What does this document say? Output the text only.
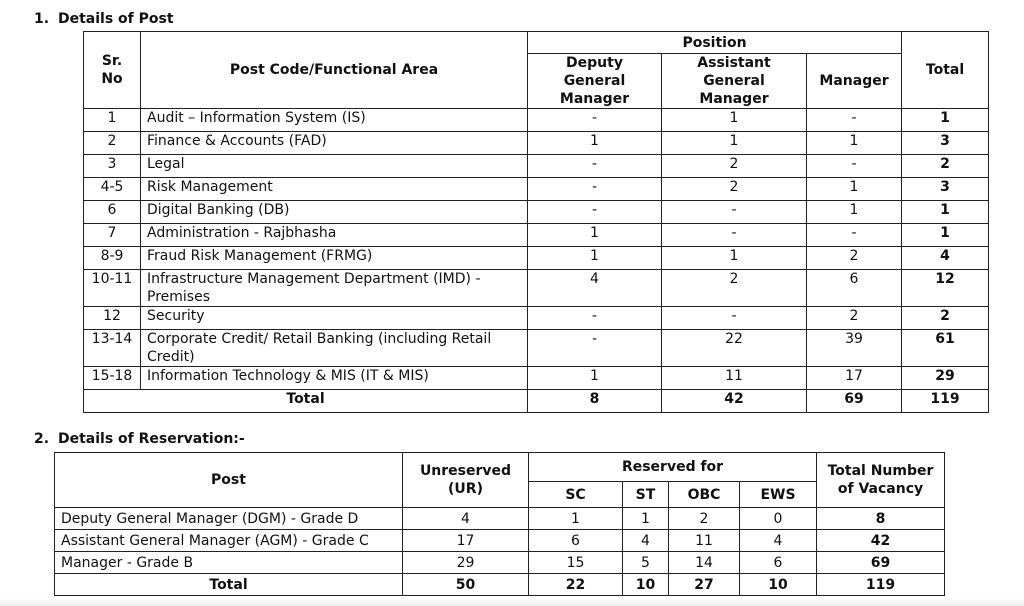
1. Details of Post
Sr. No	Post Code/Functional Area	Position			Total
		Deputy General Manager	Assistant General Manager	Manager	
1	Audit – Information System (IS)	-	1	-	1
2	Finance & Accounts (FAD)	1	1	1	3
3	Legal	-	2	-	2
4-5	Risk Management	-	2	1	3
6	Digital Banking (DB)	-	-	1	1
7	Administration - Rajbhasha	1	-	-	1
8-9	Fraud Risk Management (FRMG)	1	1	2	4
10-11	Infrastructure Management Department (IMD) - Premises	4	2	6	12
12	Security	-	-	2	2
13-14	Corporate Credit/ Retail Banking (including Retail Credit)	-	22	39	61
15-18	Information Technology & MIS (IT & MIS)	1	11	17	29
Total		8	42	69	119
2. Details of Reservation:-
Post	Unreserved (UR)	Reserved for				Total Number of Vacancy
		SC	ST	OBC	EWS	
Deputy General Manager (DGM) - Grade D	4	1	1	2	0	8
Assistant General Manager (AGM) - Grade C	17	6	4	11	4	42
Manager - Grade B	29	15	5	14	6	69
Total	50	22	10	27	10	119
